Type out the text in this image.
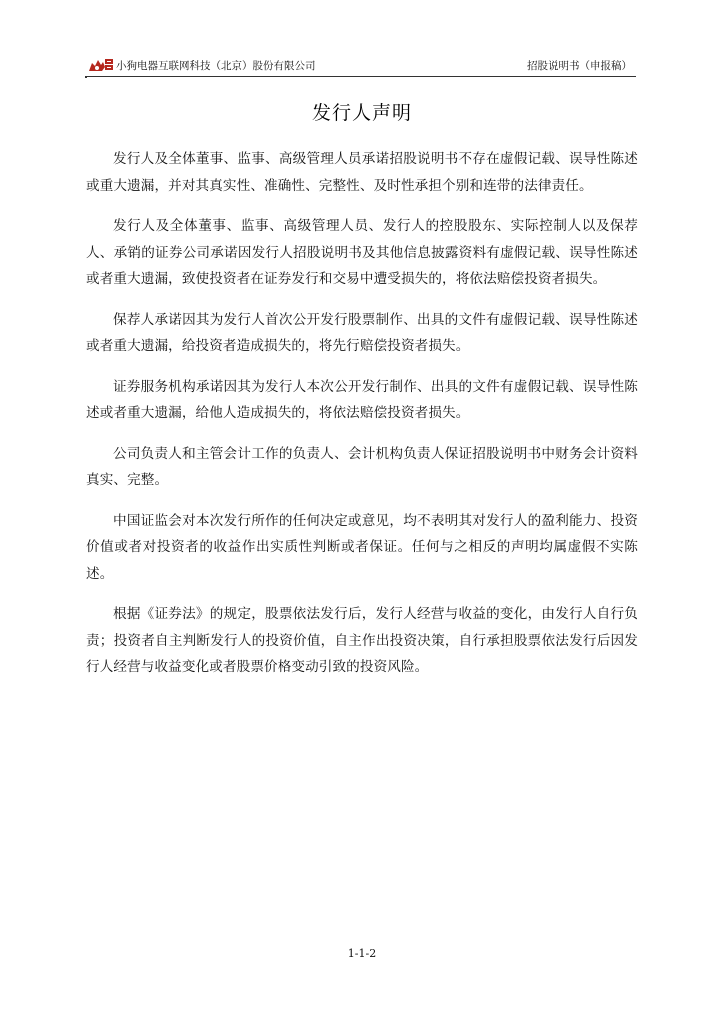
小狗电器互联网科技（北京）股份有限公司	招股说明书（申报稿）
发行人声明

发行人及全体董事、监事、高级管理人员承诺招股说明书不存在虚假记载、误导性陈述或重大遗漏，并对其真实性、准确性、完整性、及时性承担个别和连带的法律责任。

发行人及全体董事、监事、高级管理人员、发行人的控股股东、实际控制人以及保荐人、承销的证券公司承诺因发行人招股说明书及其他信息披露资料有虚假记载、误导性陈述或者重大遗漏，致使投资者在证券发行和交易中遭受损失的，将依法赔偿投资者损失。

保荐人承诺因其为发行人首次公开发行股票制作、出具的文件有虚假记载、误导性陈述或者重大遗漏，给投资者造成损失的，将先行赔偿投资者损失。

证券服务机构承诺因其为发行人本次公开发行制作、出具的文件有虚假记载、误导性陈述或者重大遗漏，给他人造成损失的，将依法赔偿投资者损失。

公司负责人和主管会计工作的负责人、会计机构负责人保证招股说明书中财务会计资料真实、完整。

中国证监会对本次发行所作的任何决定或意见，均不表明其对发行人的盈利能力、投资价值或者对投资者的收益作出实质性判断或者保证。任何与之相反的声明均属虚假不实陈述。

根据《证券法》的规定，股票依法发行后，发行人经营与收益的变化，由发行人自行负责；投资者自主判断发行人的投资价值，自主作出投资决策，自行承担股票依法发行后因发行人经营与收益变化或者股票价格变动引致的投资风险。

1-1-2
